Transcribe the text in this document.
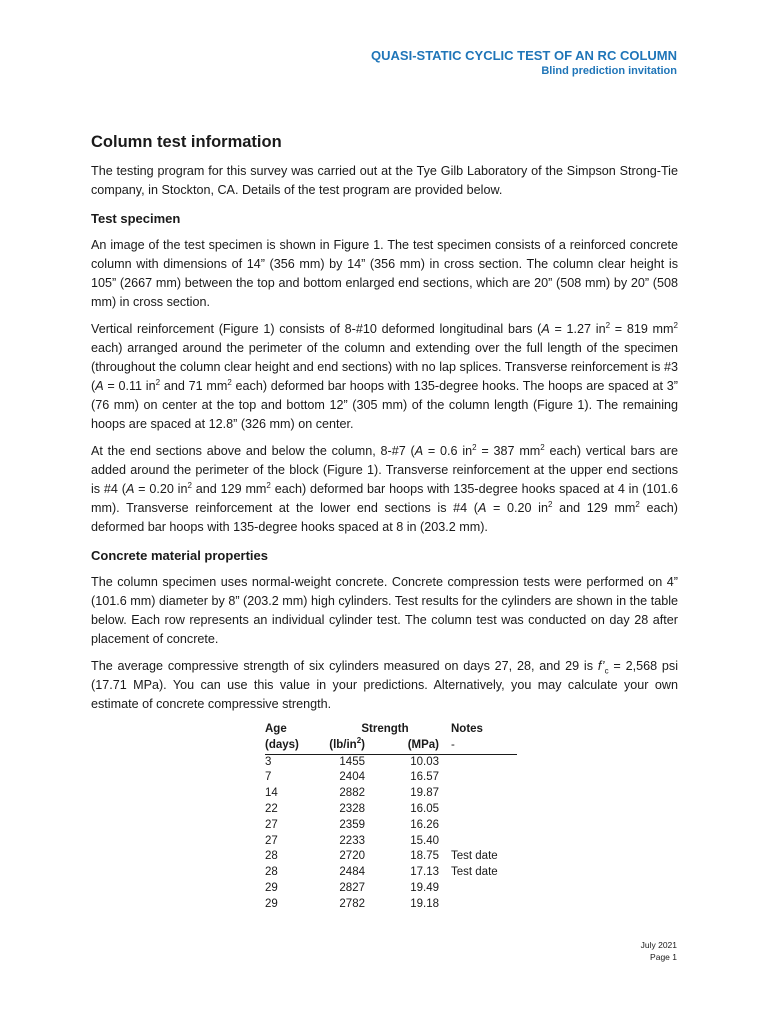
QUASI-STATIC CYCLIC TEST OF AN RC COLUMN
Blind prediction invitation
Column test information

The testing program for this survey was carried out at the Tye Gilb Laboratory of the Simpson Strong-Tie company, in Stockton, CA. Details of the test program are provided below.

Test specimen

An image of the test specimen is shown in Figure 1. The test specimen consists of a reinforced concrete column with dimensions of 14” (356 mm) by 14” (356 mm) in cross section. The column clear height is 105” (2667 mm) between the top and bottom enlarged end sections, which are 20” (508 mm) by 20” (508 mm) in cross section.

Vertical reinforcement (Figure 1) consists of 8-#10 deformed longitudinal bars (A = 1.27 $in^2 = 819$ $mm^2$ each) arranged around the perimeter of the column and extending over the full length of the specimen (throughout the column clear height and end sections) with no lap splices. Transverse reinforcement is #3 (A = 0.11 $in^2$ and 71 $mm^2$ each) deformed bar hoops with 135-degree hooks. The hoops are spaced at 3” (76 mm) on center at the top and bottom 12” (305 mm) of the column length (Figure 1). The remaining hoops are spaced at 12.8” (326 mm) on center.

At the end sections above and below the column, 8-#7 (A = 0.6 $in^2 = 387$ $mm^2$ each) vertical bars are added around the perimeter of the block (Figure 1). Transverse reinforcement at the upper end sections is #4 (A = 0.20 $in^2$ and 129 $mm^2$ each) deformed bar hoops with 135-degree hooks spaced at 4 in (101.6 mm). Transverse reinforcement at the lower end sections is #4 (A = 0.20 $in^2$ and 129 $mm^2$ each) deformed bar hoops with 135-degree hooks spaced at 8 in (203.2 mm).

Concrete material properties

The column specimen uses normal-weight concrete. Concrete compression tests were performed on 4” (101.6 mm) diameter by 8” (203.2 mm) high cylinders. Test results for the cylinders are shown in the table below. Each row represents an individual cylinder test. The column test was conducted on day 28 after placement of concrete.

The average compressive strength of six cylinders measured on days 27, 28, and 29 is $f’_c = 2,568$ psi (17.71 MPa). You can use this value in your predictions. Alternatively, you may calculate your own estimate of concrete compressive strength.

Age	Strength		Notes
(days)	$(lb/in^2)$	(MPa)	-
3	1455	10.03	
7	2404	16.57	
14	2882	19.87	
22	2328	16.05	
27	2359	16.26	
27	2233	15.40	
28	2720	18.75	Test date
28	2484	17.13	Test date
29	2827	19.49	
29	2782	19.18	
July 2021
Page 1
